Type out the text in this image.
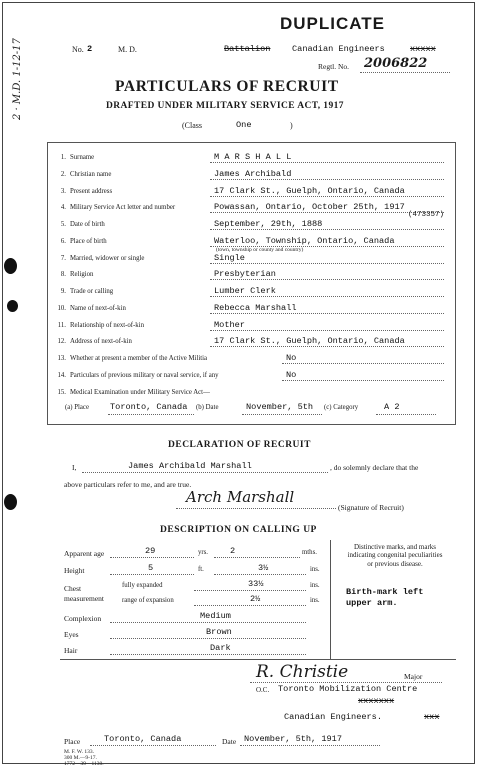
DUPLICATE
No. 2	M. D.	Battalion	Canadian Engineers	xxxxx
Regtl. No. 2006822
2 · M.D. 1-12-17	PARTICULARS OF RECRUIT
DRAFTED UNDER MILITARY SERVICE ACT, 1917
(Class	One	)
1. Surname	M A R S H A L L
2. Christian name	James Archibald
3. Present address	17 Clark St., Guelph, Ontario, Canada
4. Military Service Act letter and number	Powassan, Ontario, October 25th, 1917
(473357)
5. Date of birth	September, 29th, 1888
6. Place of birth	Waterloo, Township, Ontario, Canada
(town, township or county and country)
7. Married, widower or single	Single
8. Religion	Presbyterian
9. Trade or calling	Lumber Clerk
10. Name of next-of-kin	Rebecca Marshall
11. Relationship of next-of-kin	Mother
12. Address of next-of-kin	17 Clark St., Guelph, Ontario, Canada
13. Whether at present a member of the Active Militia	No
14. Particulars of previous military or naval service, if any	No
15. Medical Examination under Military Service Act—
(a) Place Toronto, Canada (b) Date	November, 5th (c) Category	A 2
DECLARATION OF RECRUIT
I,	James Archibald Marshall	, do solemnly declare that the
above particulars refer to me, and are true.
Arch Marshall
(Signature of Recruit)
DESCRIPTION ON CALLING UP
Apparent age	29	yrs.	2	mths.
Height	5	ft.	3½	ins.
Chest
measurement
fully expanded	33½	ins.
range of expansion	2½	ins.
Complexion	Medium
Eyes	Brown
Hair	Dark
Distinctive marks, and marks indicating congenital peculiarities or previous disease.
Birth-mark left upper arm.
R. Christie	Major
O.C. Toronto Mobilization Centre
xxxxxxx
Canadian Engineers.	xxx
Place	Toronto, Canada	Date November, 5th, 1917
M. F. W. 133.
300 M.—9-17.
1772—39—1130.
